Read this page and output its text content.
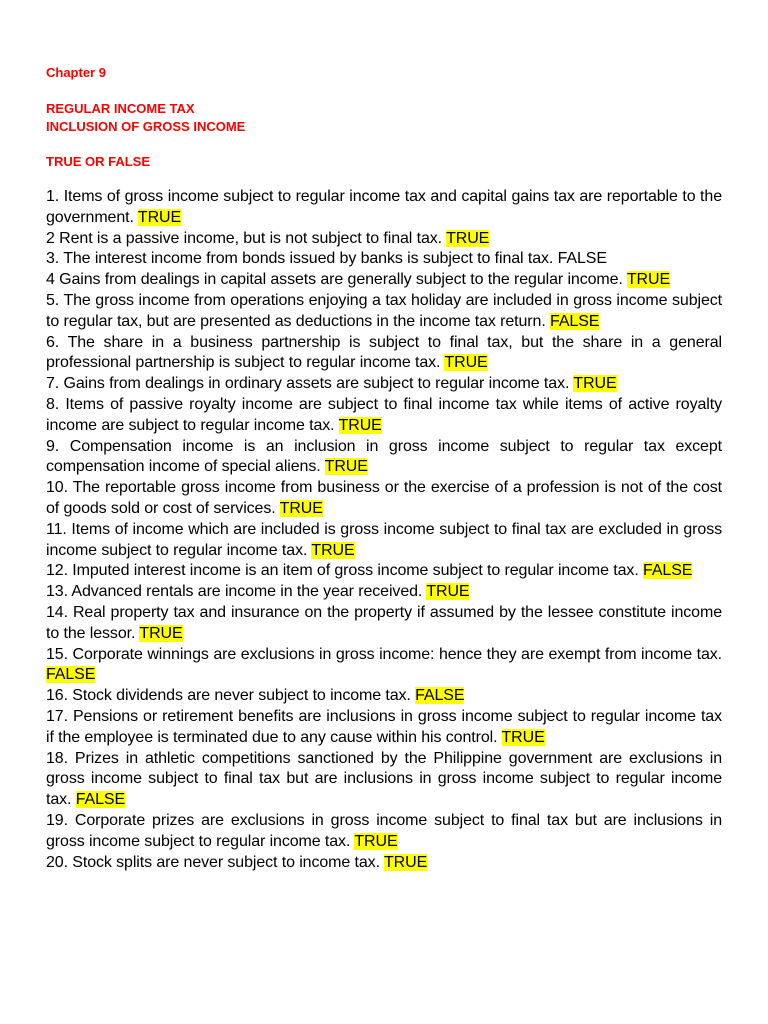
Chapter 9

REGULAR INCOME TAX

INCLUSION OF GROSS INCOME

TRUE OR FALSE

1. Items of gross income subject to regular income tax and capital gains tax are reportable to the government. TRUE
2 Rent is a passive income, but is not subject to final tax. TRUE
3. The interest income from bonds issued by banks is subject to final tax. FALSE
4 Gains from dealings in capital assets are generally subject to the regular income. TRUE
5. The gross income from operations enjoying a tax holiday are included in gross income subject to regular tax, but are presented as deductions in the income tax return. FALSE
6. The share in a business partnership is subject to final tax, but the share in a general professional partnership is subject to regular income tax. TRUE
7. Gains from dealings in ordinary assets are subject to regular income tax. TRUE
8. Items of passive royalty income are subject to final income tax while items of active royalty income are subject to regular income tax. TRUE
9. Compensation income is an inclusion in gross income subject to regular tax except compensation income of special aliens. TRUE
10. The reportable gross income from business or the exercise of a profession is not of the cost of goods sold or cost of services. TRUE
11. Items of income which are included is gross income subject to final tax are excluded in gross income subject to regular income tax. TRUE
12. Imputed interest income is an item of gross income subject to regular income tax. FALSE
13. Advanced rentals are income in the year received. TRUE
14. Real property tax and insurance on the property if assumed by the lessee constitute income to the lessor. TRUE
15. Corporate winnings are exclusions in gross income: hence they are exempt from income tax. FALSE
16. Stock dividends are never subject to income tax. FALSE
17. Pensions or retirement benefits are inclusions in gross income subject to regular income tax if the employee is terminated due to any cause within his control. TRUE
18. Prizes in athletic competitions sanctioned by the Philippine government are exclusions in gross income subject to final tax but are inclusions in gross income subject to regular income tax. FALSE
19. Corporate prizes are exclusions in gross income subject to final tax but are inclusions in gross income subject to regular income tax. TRUE
20. Stock splits are never subject to income tax. TRUE
